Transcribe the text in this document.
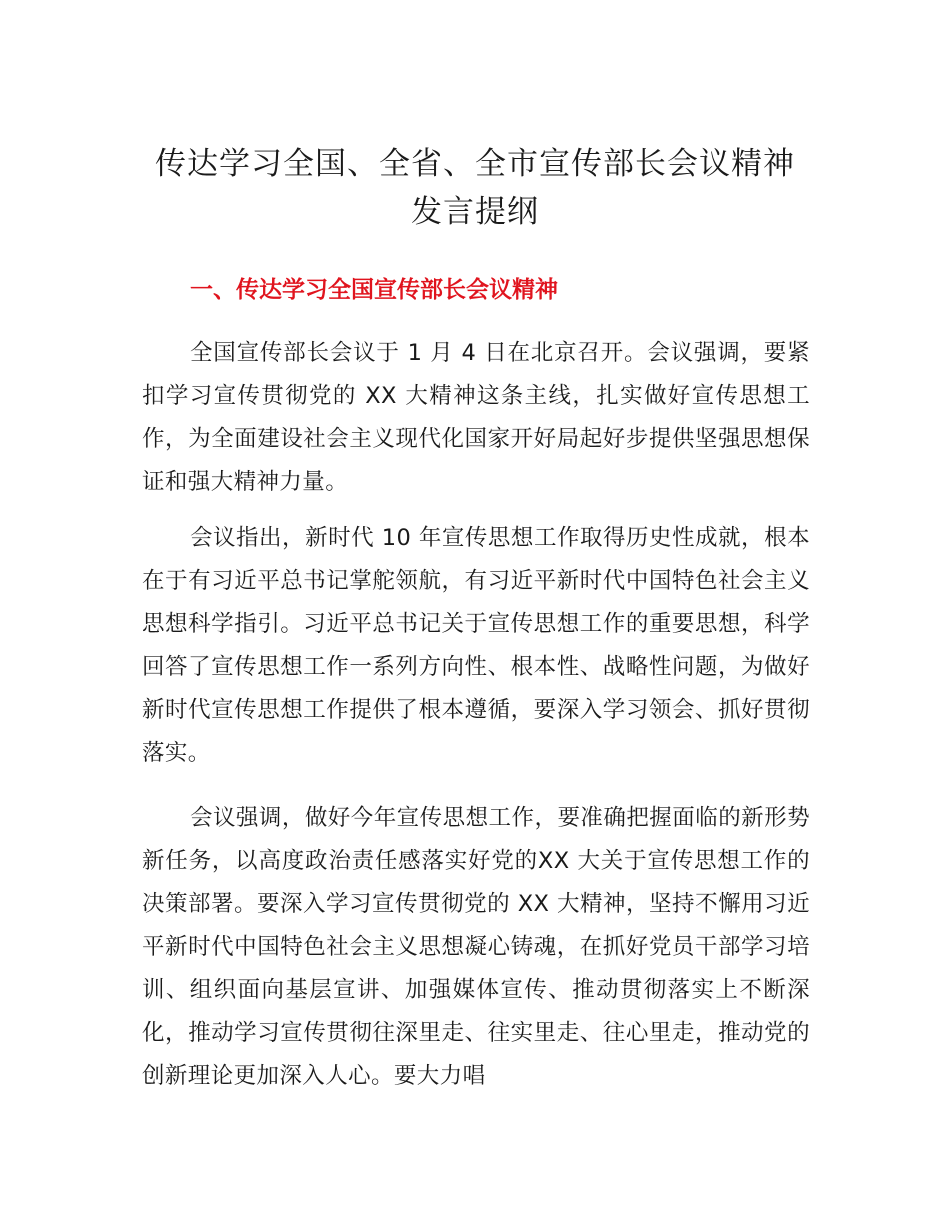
传达学习全国、全省、全市宣传部长会议精神发言提纲
一、传达学习全国宣传部长会议精神

全国宣传部长会议于 1 月 4 日在北京召开。会议强调，要紧扣学习宣传贯彻党的 XX 大精神这条主线，扎实做好宣传思想工作，为全面建设社会主义现代化国家开好局起好步提供坚强思想保证和强大精神力量。

会议指出，新时代 10 年宣传思想工作取得历史性成就，根本在于有习近平总书记掌舵领航，有习近平新时代中国特色社会主义思想科学指引。习近平总书记关于宣传思想工作的重要思想，科学回答了宣传思想工作一系列方向性、根本性、战略性问题，为做好新时代宣传思想工作提供了根本遵循，要深入学习领会、抓好贯彻落实。

会议强调，做好今年宣传思想工作，要准确把握面临的新形势新任务，以高度政治责任感落实好党的XX 大关于宣传思想工作的决策部署。要深入学习宣传贯彻党的 XX 大精神，坚持不懈用习近平新时代中国特色社会主义思想凝心铸魂，在抓好党员干部学习培训、组织面向基层宣讲、加强媒体宣传、推动贯彻落实上不断深化，推动学习宣传贯彻往深里走、往实里走、往心里走，推动党的创新理论更加深入人心。要大力唱
